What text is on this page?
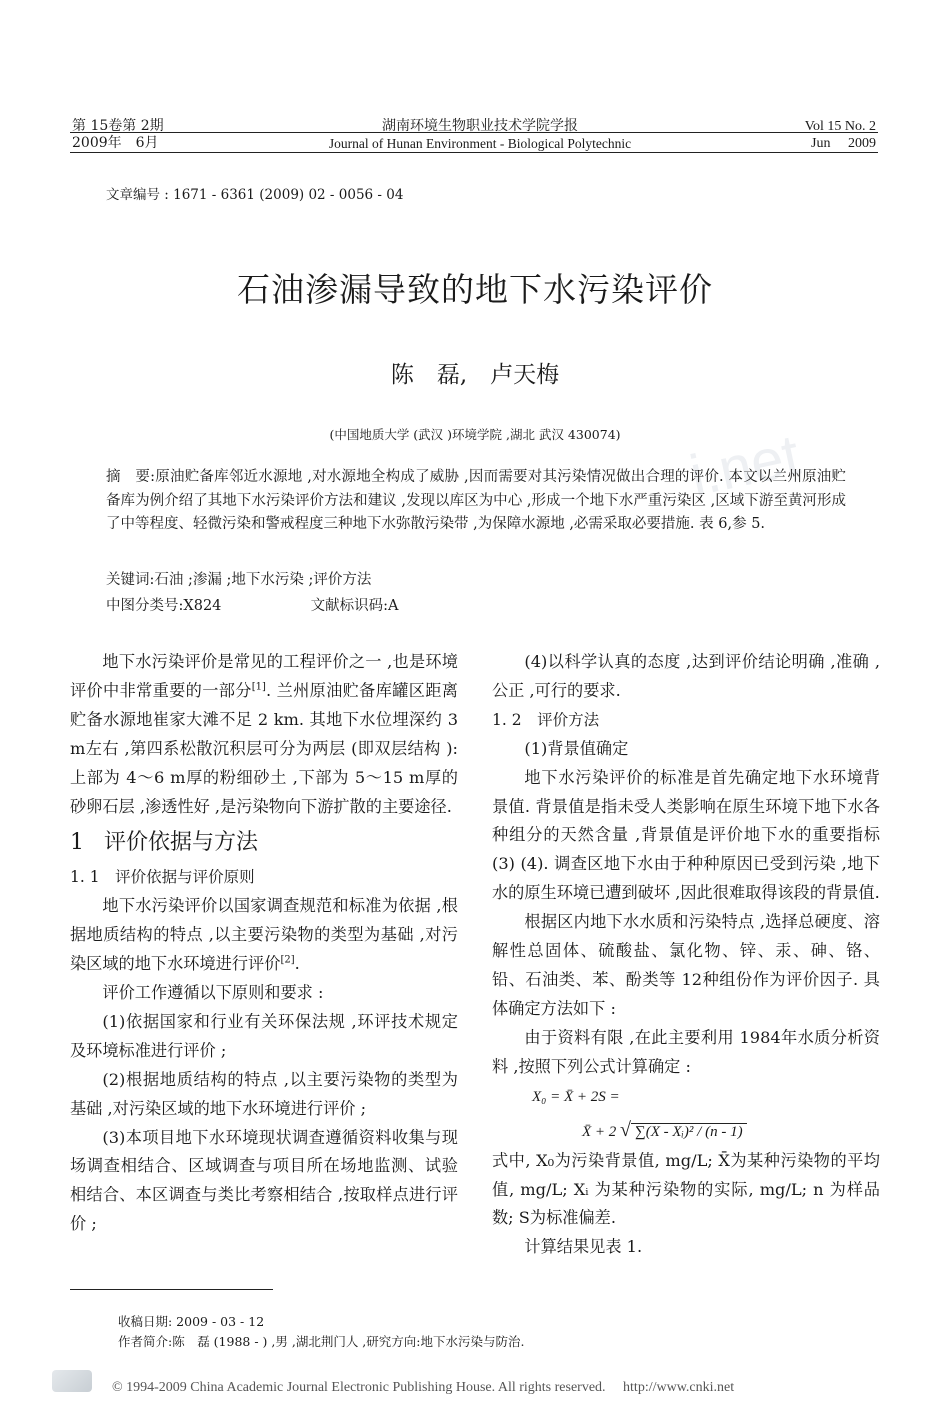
i.net
第 15卷第 2期
2009年　6月
湖南环境生物职业技术学院学报
Journal of Hunan Environment - Biological Polytechnic
Vol 15 No. 2
Jun　 2009
文章编号 : 1671 - 6361 (2009) 02 - 0056 - 04
石油渗漏导致的地下水污染评价
陈　磊,　卢天梅
(中国地质大学 (武汉 )环境学院 ,湖北 武汉 430074)
摘　要:原油贮备库邻近水源地 ,对水源地全构成了威胁 ,因而需要对其污染情况做出合理的评价. 本文以兰州原油贮备库为例介绍了其地下水污染评价方法和建议 ,发现以库区为中心 ,形成一个地下水严重污染区 ,区域下游至黄河形成了中等程度、轻微污染和警戒程度三种地下水弥散污染带 ,为保障水源地 ,必需采取必要措施. 表 6,参 5.
关键词:石油 ;渗漏 ;地下水污染 ;评价方法
中图分类号:X824	文献标识码:A

地下水污染评价是常见的工程评价之一 ,也是环境评价中非常重要的一部分[1]. 兰州原油贮备库罐区距离贮备水源地崔家大滩不足 2 km. 其地下水位埋深约 3 m左右 ,第四系松散沉积层可分为两层 (即双层结构 ):上部为 4～6 m厚的粉细砂土 ,下部为 5～15 m厚的砂卵石层 ,渗透性好 ,是污染物向下游扩散的主要途径.

1 评价依据与方法

1. 1　评价依据与评价原则

地下水污染评价以国家调查规范和标准为依据 ,根据地质结构的特点 ,以主要污染物的类型为基础 ,对污染区域的地下水环境进行评价[2].

评价工作遵循以下原则和要求 :

(1)依据国家和行业有关环保法规 ,环评技术规定及环境标准进行评价 ;

(2)根据地质结构的特点 ,以主要污染物的类型为基础 ,对污染区域的地下水环境进行评价 ;

(3)本项目地下水环境现状调查遵循资料收集与现场调查相结合、区域调查与项目所在场地监测、试验相结合、本区调查与类比考察相结合 ,按取样点进行评价 ;

(4)以科学认真的态度 ,达到评价结论明确 ,准确 ,公正 ,可行的要求.

1. 2　评价方法

(1)背景值确定

地下水污染评价的标准是首先确定地下水环境背景值. 背景值是指未受人类影响在原生环境下地下水各种组分的天然含量 ,背景值是评价地下水的重要指标 (3) (4). 调查区地下水由于种种原因已受到污染 ,地下水的原生环境已遭到破坏 ,因此很难取得该段的背景值.

根据区内地下水水质和污染特点 ,选择总硬度、溶解性总固体、硫酸盐、氯化物、锌、汞、砷、铬、铅、石油类、苯、酚类等 12种组份作为评价因子. 具体确定方法如下 :

由于资料有限 ,在此主要利用 1984年水质分析资料 ,按照下列公式计算确定 :

X₀ = X̄ + 2S =
X̄ + 2 √ ∑(X - Xᵢ)² / (n - 1)

式中, X₀为污染背景值, mg/L; X̄为某种污染物的平均值, mg/L; Xᵢ 为某种污染物的实际, mg/L; n 为样品数; S为标准偏差.

计算结果见表 1.

收稿日期: 2009 - 03 - 12
作者简介:陈　磊 (1988 - ) ,男 ,湖北荆门人 ,研究方向:地下水污染与防治.
© 1994-2009 China Academic Journal Electronic Publishing House. All rights reserved.　 http://www.cnki.net
